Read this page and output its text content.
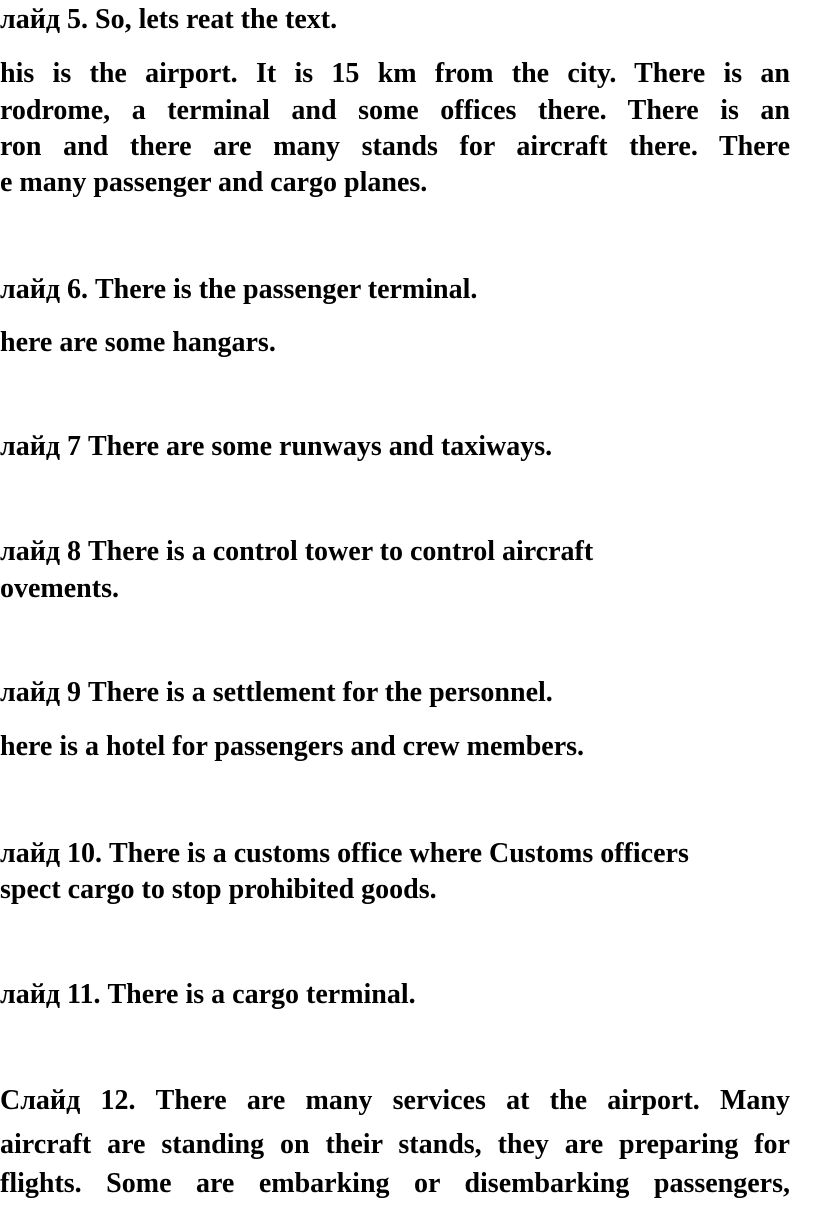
лайд 5. So, lets reat the text.
his is the airport. It is 15 km from the city. There is an
rodrome, a terminal and some offices there. There is an
ron and there are many stands for aircraft there. There
e many passenger and cargo planes.
лайд 6. There is the passenger terminal.
here are some hangars.
лайд 7 There are some runways and taxiways.
лайд 8 There is a control tower to control aircraft
ovements.
лайд 9 There is a settlement for the personnel.
here is a hotel for passengers and crew members.
лайд 10. There is a customs office where Customs officers
spect cargo to stop prohibited goods.
лайд 11. There is a cargo terminal.
Слайд 12. There are many services at the airport. Many
aircraft are standing on their stands, they are preparing for
flights. Some are embarking or disembarking passengers,
